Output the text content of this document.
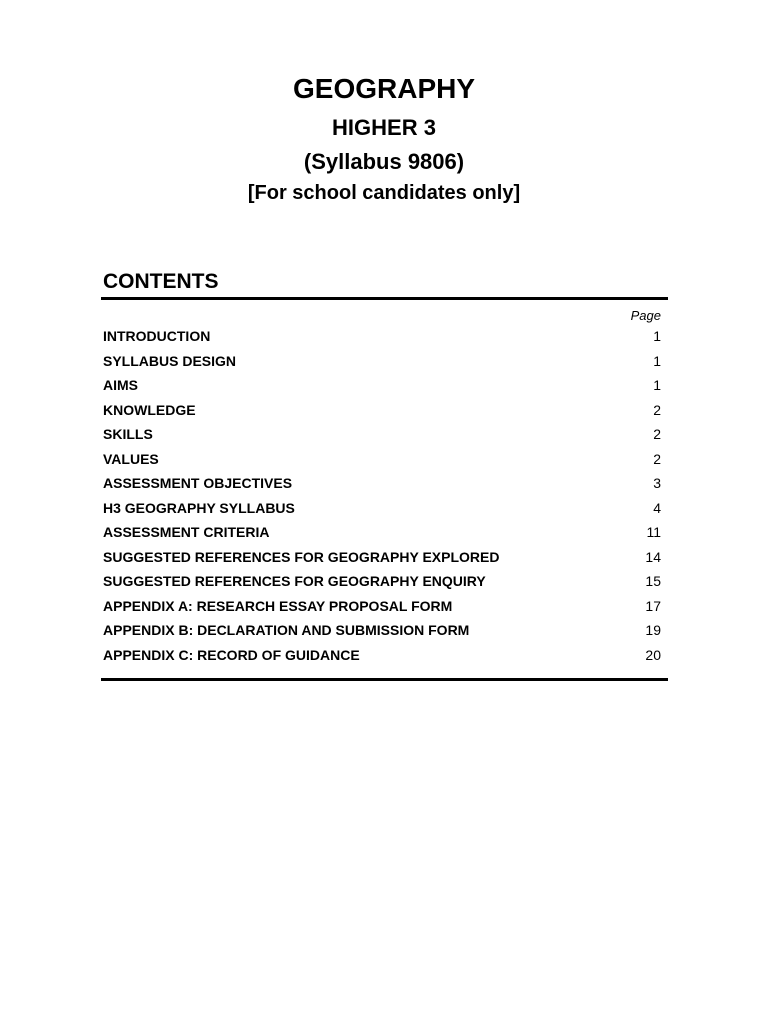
GEOGRAPHY
HIGHER 3
(Syllabus 9806)
[For school candidates only]
CONTENTS
Page
INTRODUCTION	1
SYLLABUS DESIGN	1
AIMS	1
KNOWLEDGE	2
SKILLS	2
VALUES	2
ASSESSMENT OBJECTIVES	3
H3 GEOGRAPHY SYLLABUS	4
ASSESSMENT CRITERIA	11
SUGGESTED REFERENCES FOR GEOGRAPHY EXPLORED	14
SUGGESTED REFERENCES FOR GEOGRAPHY ENQUIRY	15
APPENDIX A: RESEARCH ESSAY PROPOSAL FORM	17
APPENDIX B: DECLARATION AND SUBMISSION FORM	19
APPENDIX C: RECORD OF GUIDANCE	20
